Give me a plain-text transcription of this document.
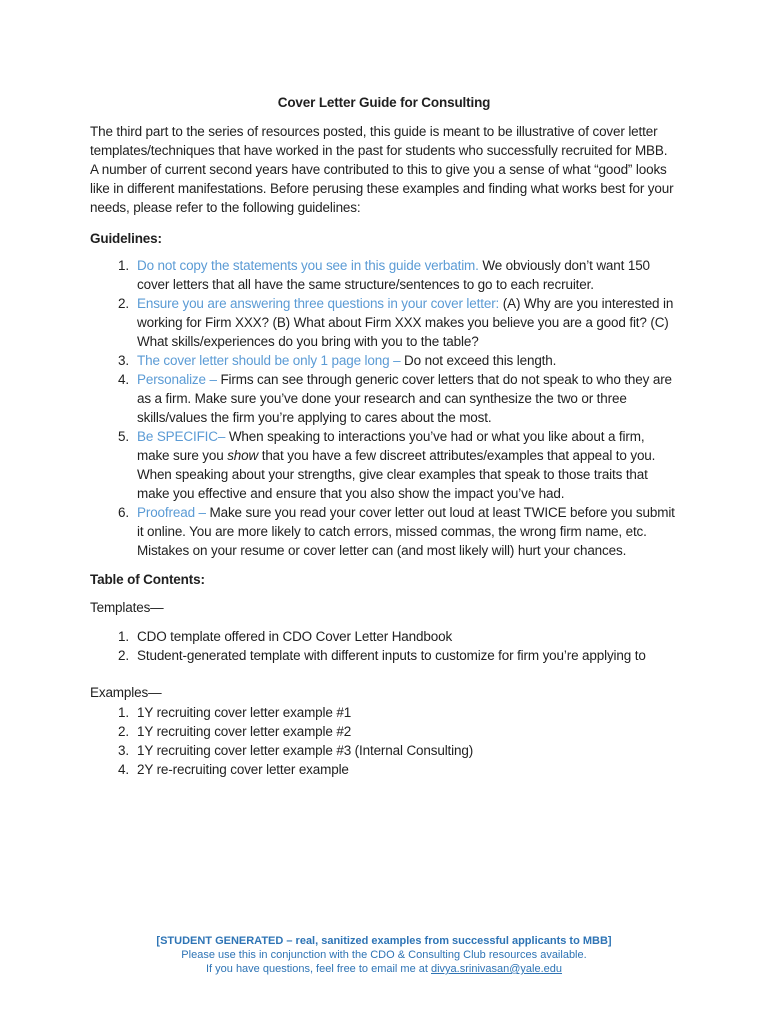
Cover Letter Guide for Consulting

The third part to the series of resources posted, this guide is meant to be illustrative of cover letter templates/techniques that have worked in the past for students who successfully recruited for MBB. A number of current second years have contributed to this to give you a sense of what “good” looks like in different manifestations. Before perusing these examples and finding what works best for your needs, please refer to the following guidelines:

Guidelines:
1. Do not copy the statements you see in this guide verbatim. We obviously don’t want 150 cover letters that all have the same structure/sentences to go to each recruiter.
2. Ensure you are answering three questions in your cover letter: (A) Why are you interested in working for Firm XXX? (B) What about Firm XXX makes you believe you are a good fit? (C) What skills/experiences do you bring with you to the table?
3. The cover letter should be only 1 page long – Do not exceed this length.
4. Personalize – Firms can see through generic cover letters that do not speak to who they are as a firm. Make sure you’ve done your research and can synthesize the two or three skills/values the firm you’re applying to cares about the most.
5. Be SPECIFIC– When speaking to interactions you’ve had or what you like about a firm, make sure you show that you have a few discreet attributes/examples that appeal to you. When speaking about your strengths, give clear examples that speak to those traits that make you effective and ensure that you also show the impact you’ve had.
6. Proofread – Make sure you read your cover letter out loud at least TWICE before you submit it online. You are more likely to catch errors, missed commas, the wrong firm name, etc. Mistakes on your resume or cover letter can (and most likely will) hurt your chances.
Table of Contents:

Templates—

1. CDO template offered in CDO Cover Letter Handbook
2. Student-generated template with different inputs to customize for firm you’re applying to

Examples—

1. 1Y recruiting cover letter example #1
2. 1Y recruiting cover letter example #2
3. 1Y recruiting cover letter example #3 (Internal Consulting)
4. 2Y re-recruiting cover letter example
[STUDENT GENERATED – real, sanitized examples from successful applicants to MBB]
Please use this in conjunction with the CDO & Consulting Club resources available.
If you have questions, feel free to email me at divya.srinivasan@yale.edu
